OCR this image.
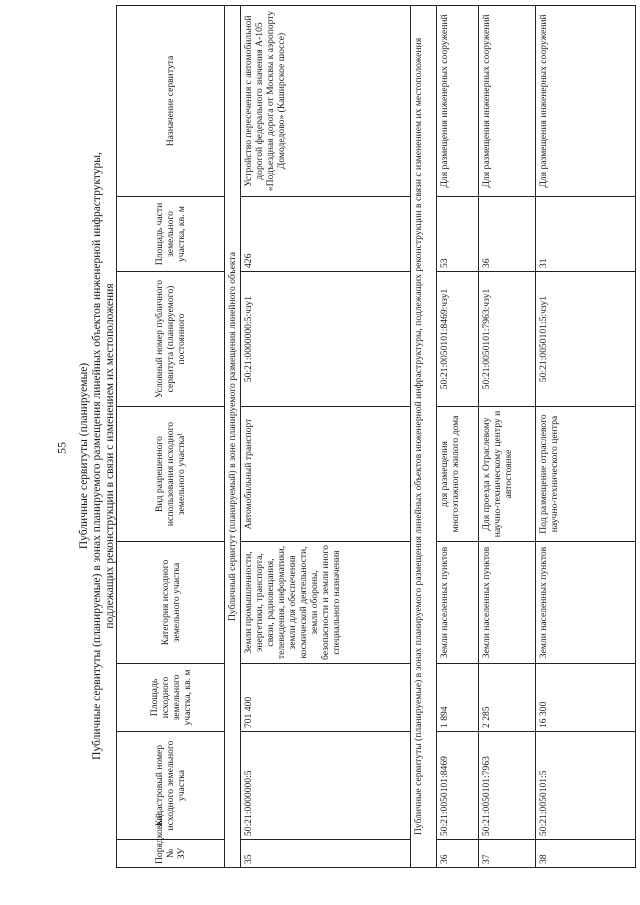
55 Публичные сервитуты (планируемые) Публичные сервитуты (планируемые) в зонах планируемого размещения линейных объектов инженерной инфраструктуры, подлежащих реконструкции в связи с изменением их местоположения
Порядковый № ЗУ	Кадастровый номер исходного земельного участка	Площадь исходного земельного участка, кв. м	Категория исходного земельного участка	Вид разрешенного использования исходного земельного участка¹	Условный номер публичного сервитута (планируемого) постоянного	Площадь части земельного участка, кв. м	Назначение сервитута
Публичный сервитут (планируемый) в зоне планируемого размещения линейного объекта							
35	50:21:0000000:5	701 400	Земли промышленности, энергетики, транспорта, связи, радиовещания, телевидения, информатики, земли для обеспечения космической деятельности, земли обороны, безопасности и земли иного специального назначения	Автомобильный транспорт	50:21:0000000:5:чзу1	426	Устройство пересечения с автомобильной дорогой федерального значения А-105 «Подъездная дорога от Москвы к аэропорту Домодедово» (Каширское шоссе)
Публичные сервитуты (планируемые) в зонах планируемого размещения линейных объектов инженерной инфраструктуры, подлежащих реконструкции в связи с изменением их местоположения							
36	50:21:0050101:8469	1 894	Земли населенных пунктов	для размещения многоэтажного жилого дома	50:21:0050101:8469:чзу1	53	Для размещения инженерных сооружений
37	50:21:0050101:7963	2 285	Земли населенных пунктов	Для проезда к Отраслевому научно-техническому центру и автостоянке	50:21:0050101:7963:чзу1	36	Для размещения инженерных сооружений
38	50:21:0050101:5	16 300	Земли населенных пунктов	Под размещение отраслевого научно-технического центра	50:21:0050101:5:чзу1	31	Для размещения инженерных сооружений
